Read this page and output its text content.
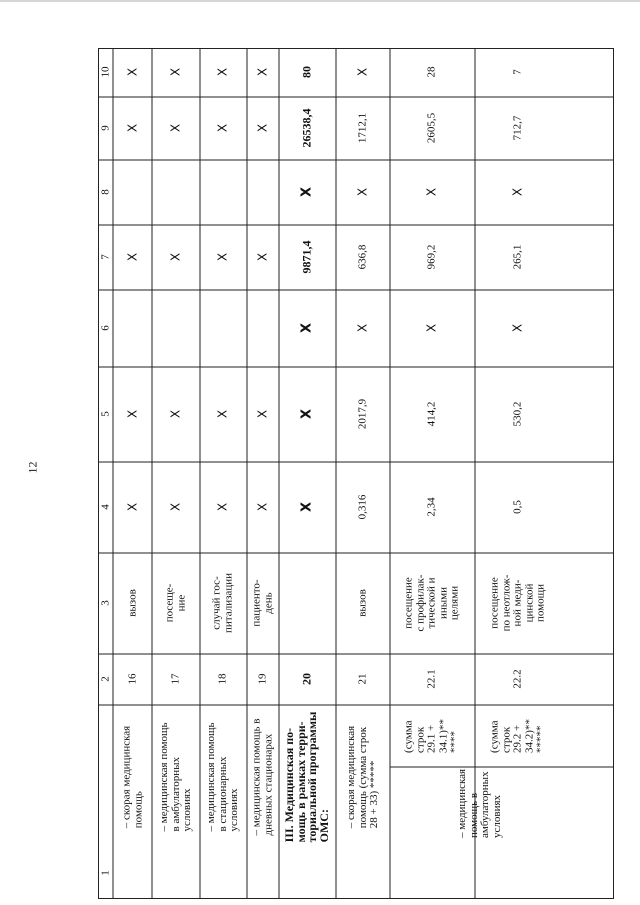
12
1
2
3
4
5
6
7
8
9
10
– скорая медицинская
помощь
16
вызов
X
X
X
X
X
– медицинская помощь
в амбулаторных
условиях
17
посеще-
ние
X
X
X
X
X
– медицинская помощь
в стационарных
условиях
18
случай гос-
питализации
X
X
X
X
X
– медицинская помощь в
дневных стационарах
19
пациенто-
день
X
X
X
X
X
III. Медицинская по-
мощь в рамках терри-
ториальной программы
ОМС:
20
X
X
X
9871,4
X
26538,4
80
– скорая медицинская
помощь (сумма строк
28 + 33) *****
21
вызов
0,316
2017,9
X
636,8
X
1712,1
X
– медицинская
помощь в
амбулаторных
условиях
(сумма
строк
29.1 +
34.1)**
****
22.1
посещение
с профилак-
тической и
иными
целями
2,34
414,2
X
969,2
X
2605,5
28
(сумма
строк
29.2 +
34.2)**
*****
22.2
посещение
по неотлож-
ной меди-
цинской
помощи
0,5
530,2
X
265,1
X
712,7
7
